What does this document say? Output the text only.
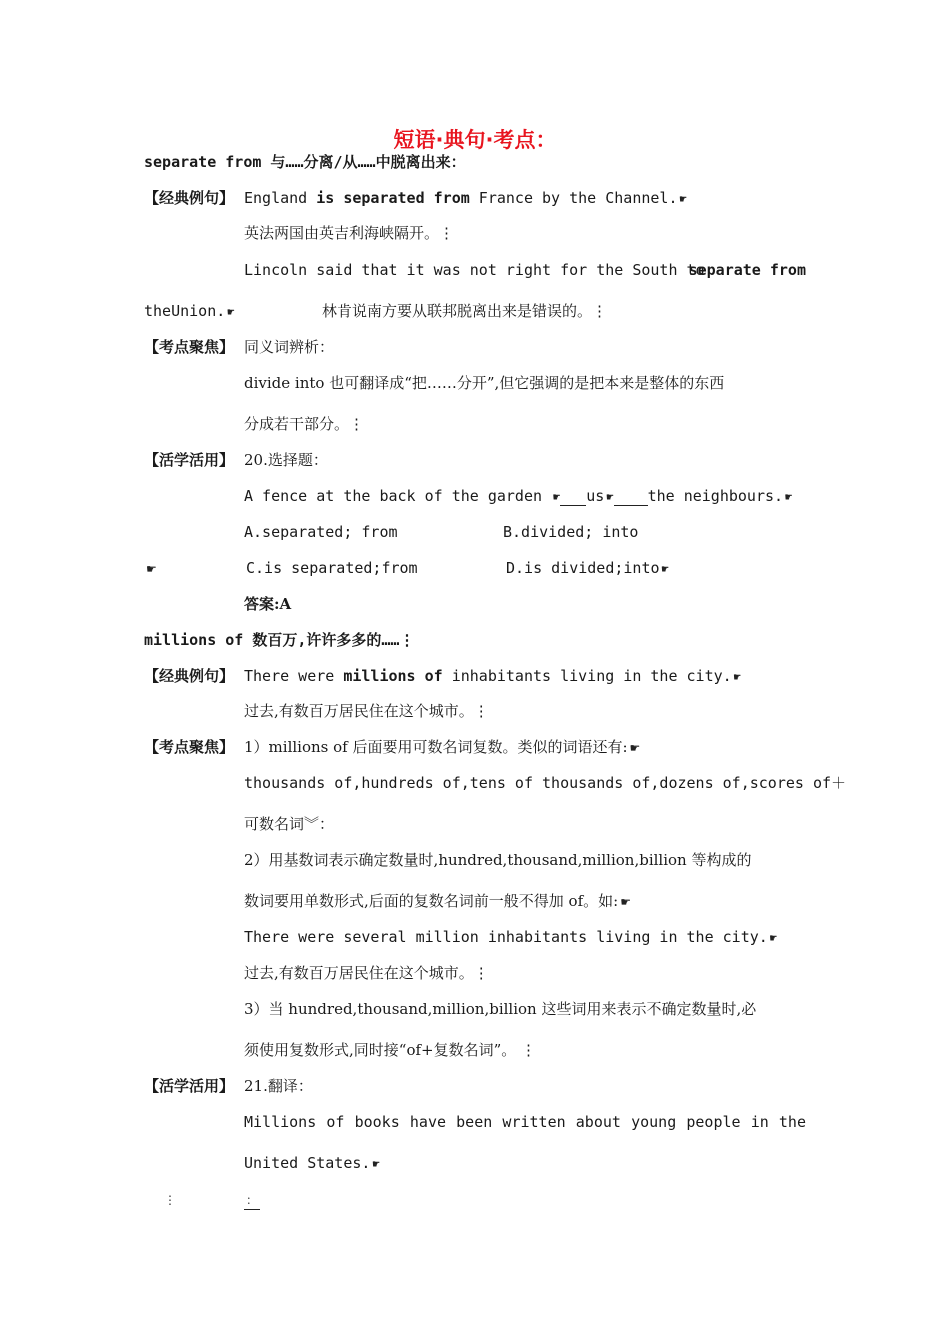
短语·典句·考点：
separate from 与……分离/从……中脱离出来：
【经典例句】 England is separated from France by the Channel. ☛
英法两国由英吉利海峡隔开。⋮
Lincoln said that it was not right for the South to
separate from
theUnion. ☛	林肯说南方要从联邦脱离出来是错误的。⋮
【考点聚焦】 同义词辨析：
divide into 也可翻译成“把……分开”,但它强调的是把本来是整体的东西
分成若干部分。⋮
【活学活用】 20.选择题：
A fence at the back of the garden ☛ us ☛ the neighbours. ☛
A.separated; from	B.divided; into
☛	C.is separated;from	D.is divided;into ☛
答案:A
millions of 数百万,许许多多的……⋮
【经典例句】 There were millions of inhabitants living in the city. ☛
过去,有数百万居民住在这个城市。⋮
【考点聚焦】 1）millions of 后面要用可数名词复数。类似的词语还有: ☛
thousands of,hundreds of,tens of thousands of,dozens of,scores of＋
可数名词︾：
2）用基数词表示确定数量时,hundred,thousand,million,billion 等构成的
数词要用单数形式,后面的复数名词前一般不得加 of。如: ☛
There were several million inhabitants living in the city. ☛
过去,有数百万居民住在这个城市。⋮
3）当 hundred,thousand,million,billion 这些词用来表示不确定数量时,必
须使用复数形式,同时接“of+复数名词”。 ⋮
【活学活用】 21.翻译：
Millions of books have been written about young people in the
United States. ☛
⋮	：
